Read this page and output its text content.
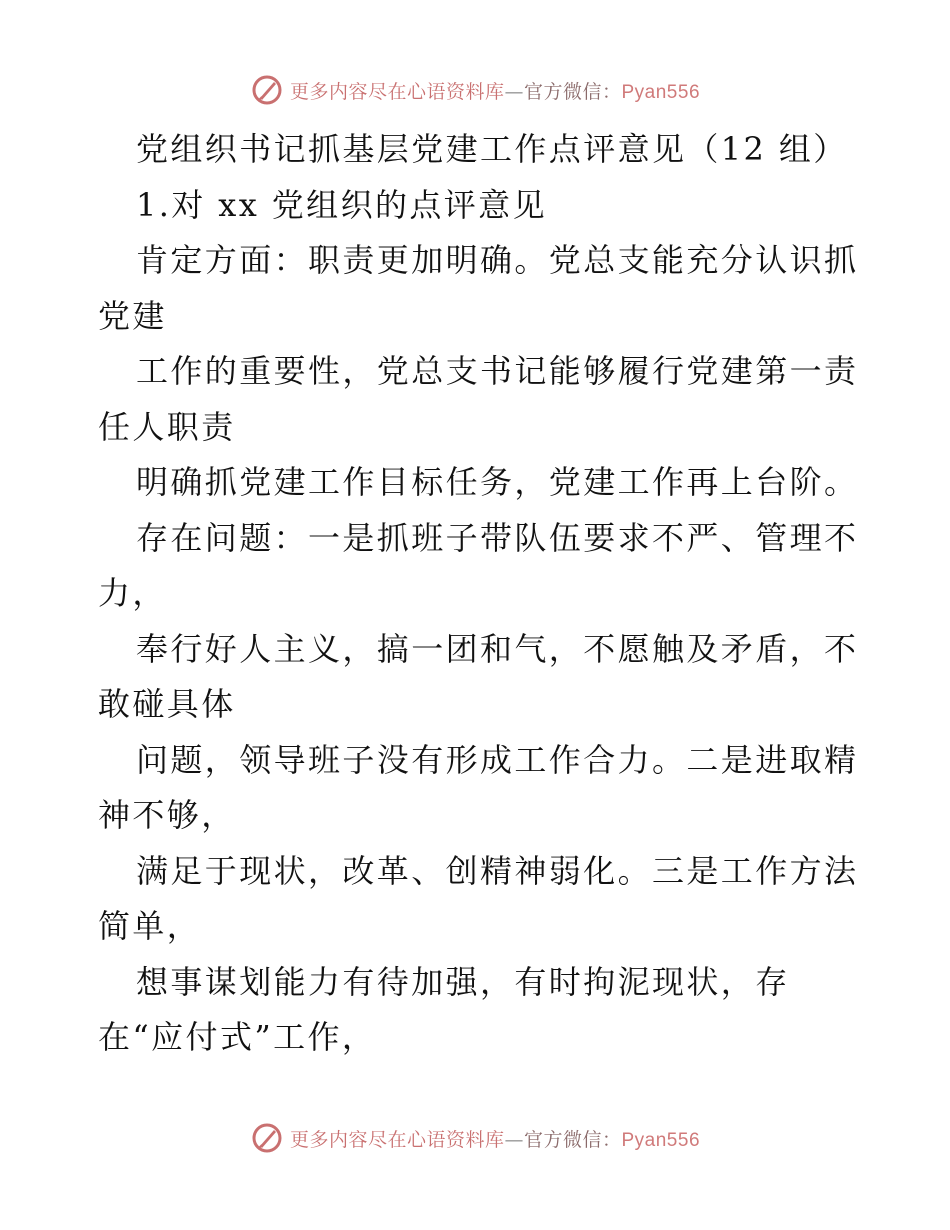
更多内容尽在心语资料库—官方微信：Pyan556
党组织书记抓基层党建工作点评意见（12 组）
1.对 xx 党组织的点评意见
肯定方面：职责更加明确。党总支能充分认识抓
党建
工作的重要性，党总支书记能够履行党建第一责
任人职责
明确抓党建工作目标任务，党建工作再上台阶。
存在问题：一是抓班子带队伍要求不严、管理不
力，
奉行好人主义，搞一团和气，不愿触及矛盾，不
敢碰具体
问题，领导班子没有形成工作合力。二是进取精
神不够，
满足于现状，改革、创精神弱化。三是工作方法
简单，
想事谋划能力有待加强，有时拘泥现状，存
在“应付式”工作，
更多内容尽在心语资料库—官方微信：Pyan556
